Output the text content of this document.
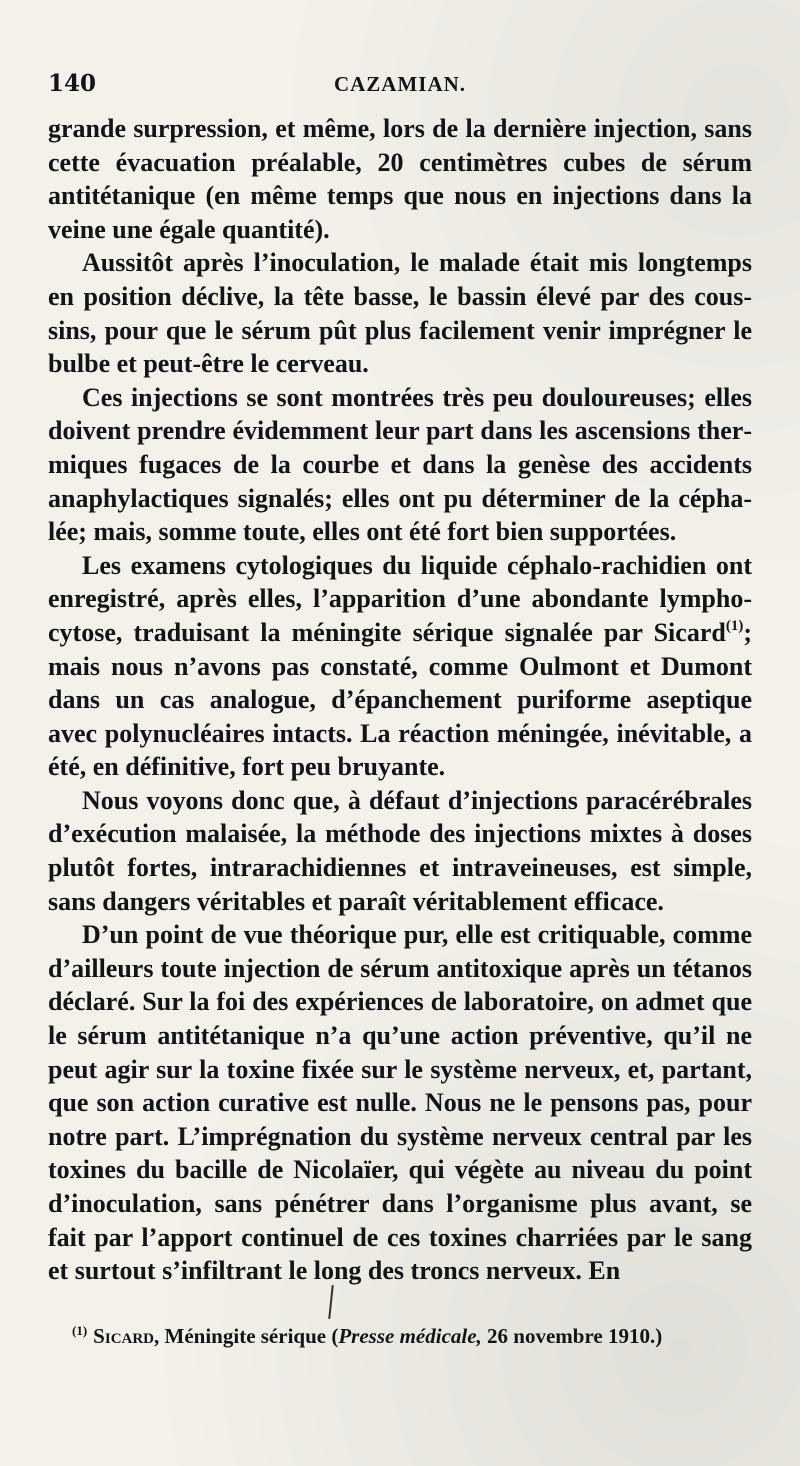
140	CAZAMIAN.

grande surpression, et même, lors de la dernière injection, sans cette évacuation préalable, 20 centimètres cubes de sérum antitétanique (en même temps que nous en injections dans la veine une égale quantité).

Aussitôt après l’inoculation, le malade était mis longtemps en position déclive, la tête basse, le bassin élevé par des coussins, pour que le sérum pût plus facilement venir imprégner le bulbe et peut-être le cerveau.

Ces injections se sont montrées très peu douloureuses; elles doivent prendre évidemment leur part dans les ascensions thermiques fugaces de la courbe et dans la genèse des accidents anaphylactiques signalés; elles ont pu déterminer de la céphalée; mais, somme toute, elles ont été fort bien supportées.

Les examens cytologiques du liquide céphalo-rachidien ont enregistré, après elles, l’apparition d’une abondante lymphocytose, traduisant la méningite sérique signalée par Sicard$^{(1)}$; mais nous n’avons pas constaté, comme Oulmont et Dumont dans un cas analogue, d’épanchement puriforme aseptique avec polynucléaires intacts. La réaction méningée, inévitable, a été, en définitive, fort peu bruyante.

Nous voyons donc que, à défaut d’injections paracérébrales d’exécution malaisée, la méthode des injections mixtes à doses plutôt fortes, intrarachidiennes et intraveineuses, est simple, sans dangers véritables et paraît véritablement efficace.

D’un point de vue théorique pur, elle est critiquable, comme d’ailleurs toute injection de sérum antitoxique après un tétanos déclaré. Sur la foi des expériences de laboratoire, on admet que le sérum antitétanique n’a qu’une action préventive, qu’il ne peut agir sur la toxine fixée sur le système nerveux, et, partant, que son action curative est nulle. Nous ne le pensons pas, pour notre part. L’imprégnation du système nerveux central par les toxines du bacille de Nicolaïer, qui végète au niveau du point d’inoculation, sans pénétrer dans l’organisme plus avant, se fait par l’apport continuel de ces toxines charriées par le sang et surtout s’infiltrant le long des troncs nerveux. En

$^{(1)}$ Sicard, Méningite sérique (Presse médicale, 26 novembre 1910.)
